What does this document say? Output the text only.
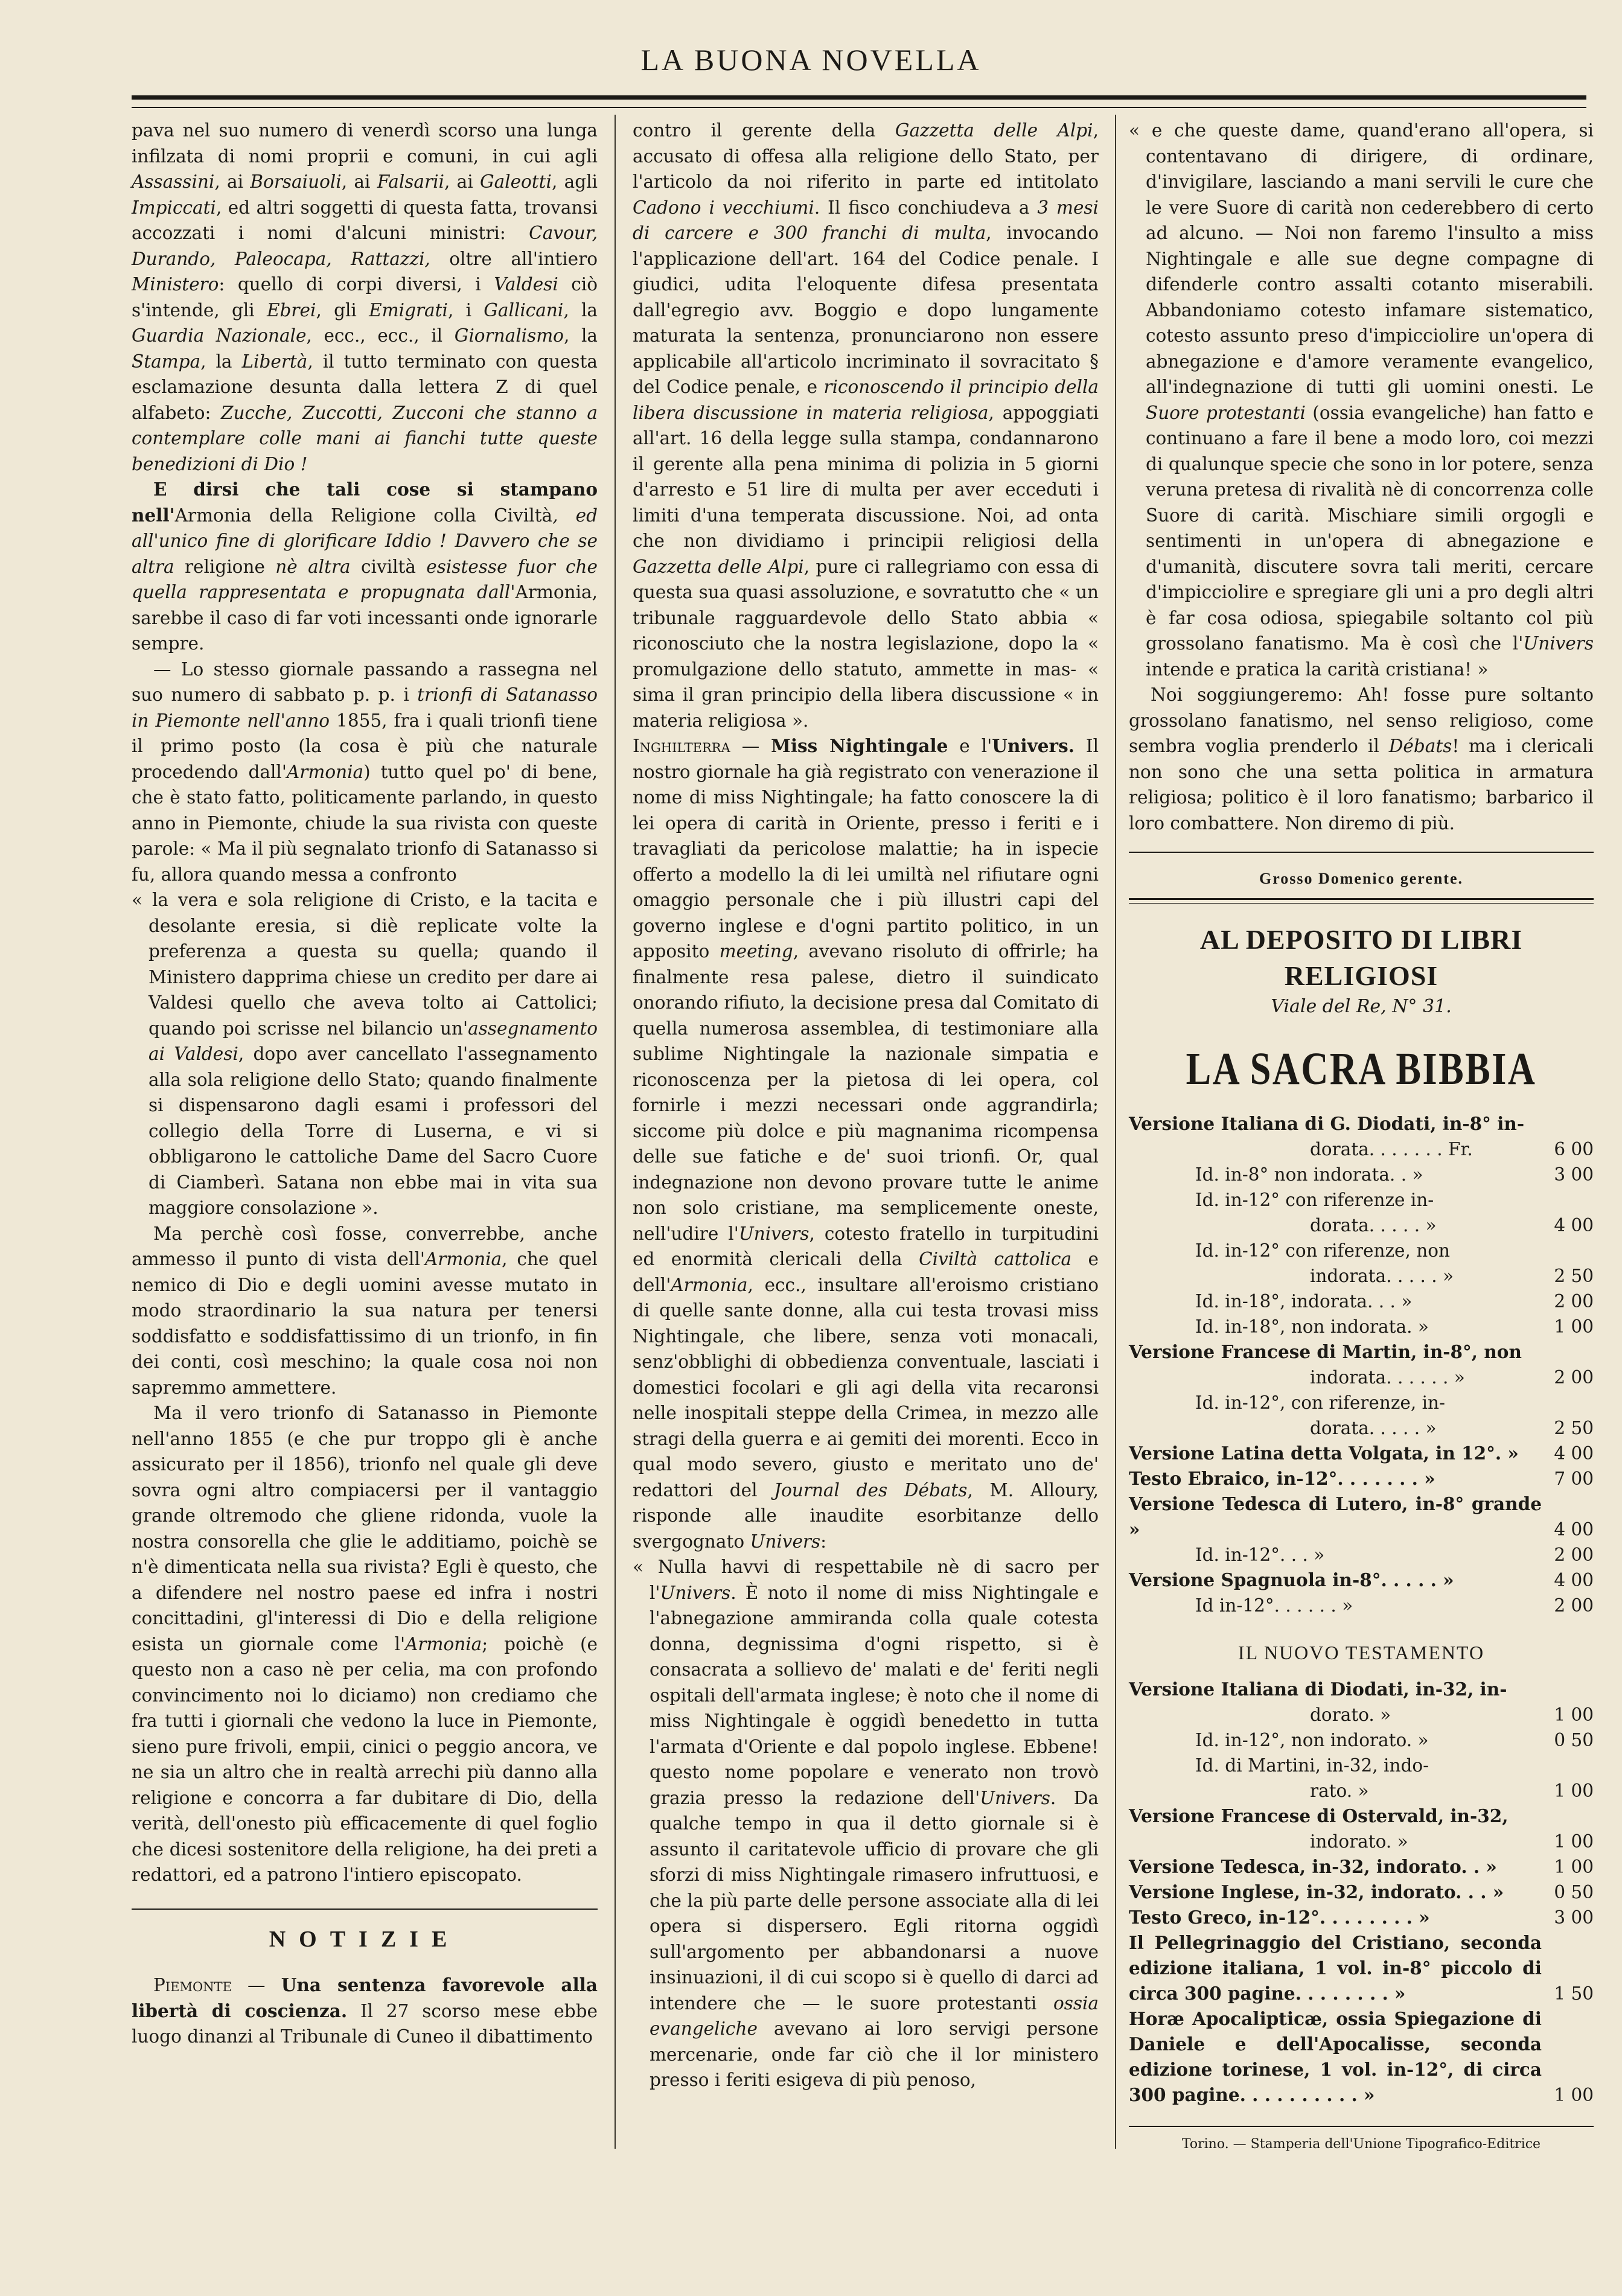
LA BUONA NOVELLA

pava nel suo numero di venerdì scorso una lunga infilzata di nomi proprii e comuni, in cui agli Assassini, ai Borsaiuoli, ai Falsarii, ai Galeotti, agli Impiccati, ed altri soggetti di questa fatta, trovansi accozzati i nomi d'alcuni ministri: Cavour, Durando, Paleocapa, Rattazzi, oltre all'intiero Ministero: quello di corpi diversi, i Valdesi ciò s'intende, gli Ebrei, gli Emigrati, i Gallicani, la Guardia Nazionale, ecc., ecc., il Giornalismo, la Stampa, la Libertà, il tutto terminato con questa esclamazione desunta dalla lettera Z di quel alfabeto: Zucche, Zuccotti, Zucconi che stanno a contemplare colle mani ai fianchi tutte queste benedizioni di Dio !

E dirsi che tali cose si stampano nell'Armonia della Religione colla Civiltà, ed all'unico fine di glorificare Iddio ! Davvero che se altra religione nè altra civiltà esistesse fuor che quella rappresentata e propugnata dall'Armonia, sarebbe il caso di far voti incessanti onde ignorarle sempre.

— Lo stesso giornale passando a rassegna nel suo numero di sabbato p. p. i trionfi di Satanasso in Piemonte nell'anno 1855, fra i quali trionfi tiene il primo posto (la cosa è più che naturale procedendo dall'Armonia) tutto quel po' di bene, che è stato fatto, politicamente parlando, in questo anno in Piemonte, chiude la sua rivista con queste parole: « Ma il più segnalato trionfo di Satanasso si fu, allora quando messa a confronto

« la vera e sola religione di Cristo, e la tacita e desolante eresia, si diè replicate volte la preferenza a questa su quella; quando il Ministero dapprima chiese un credito per dare ai Valdesi quello che aveva tolto ai Cattolici; quando poi scrisse nel bilancio un'assegnamento ai Valdesi, dopo aver cancellato l'assegnamento alla sola religione dello Stato; quando finalmente si dispensarono dagli esami i professori del collegio della Torre di Luserna, e vi si obbligarono le cattoliche Dame del Sacro Cuore di Ciamberì. Satana non ebbe mai in vita sua maggiore consolazione ».

Ma perchè così fosse, converrebbe, anche ammesso il punto di vista dell'Armonia, che quel nemico di Dio e degli uomini avesse mutato in modo straordinario la sua natura per tenersi soddisfatto e soddisfattissimo di un trionfo, in fin dei conti, così meschino; la quale cosa noi non sapremmo ammettere.

Ma il vero trionfo di Satanasso in Piemonte nell'anno 1855 (e che pur troppo gli è anche assicurato per il 1856), trionfo nel quale gli deve sovra ogni altro compiacersi per il vantaggio grande oltremodo che gliene ridonda, vuole la nostra consorella che glie le additiamo, poichè se n'è dimenticata nella sua rivista? Egli è questo, che a difendere nel nostro paese ed infra i nostri concittadini, gl'interessi di Dio e della religione esista un giornale come l'Armonia; poichè (e questo non a caso nè per celia, ma con profondo convincimento noi lo diciamo) non crediamo che fra tutti i giornali che vedono la luce in Piemonte, sieno pure frivoli, empii, cinici o peggio ancora, ve ne sia un altro che in realtà arrechi più danno alla religione e concorra a far dubitare di Dio, della verità, dell'onesto più efficacemente di quel foglio che dicesi sostenitore della religione, ha dei preti a redattori, ed a patrono l'intiero episcopato.

NOTIZIE

Piemonte — Una sentenza favorevole alla libertà di coscienza. Il 27 scorso mese ebbe luogo dinanzi al Tribunale di Cuneo il dibattimento

contro il gerente della Gazzetta delle Alpi, accusato di offesa alla religione dello Stato, per l'articolo da noi riferito in parte ed intitolato Cadono i vecchiumi. Il fisco conchiudeva a 3 mesi di carcere e 300 franchi di multa, invocando l'applicazione dell'art. 164 del Codice penale. I giudici, udita l'eloquente difesa presentata dall'egregio avv. Boggio e dopo lungamente maturata la sentenza, pronunciarono non essere applicabile all'articolo incriminato il sovracitato § del Codice penale, e riconoscendo il principio della libera discussione in materia religiosa, appoggiati all'art. 16 della legge sulla stampa, condannarono il gerente alla pena minima di polizia in 5 giorni d'arresto e 51 lire di multa per aver ecceduti i limiti d'una temperata discussione. Noi, ad onta che non dividiamo i principii religiosi della Gazzetta delle Alpi, pure ci rallegriamo con essa di questa sua quasi assoluzione, e sovratutto che « un tribunale ragguardevole dello Stato abbia « riconosciuto che la nostra legislazione, dopo la « promulgazione dello statuto, ammette in mas- « sima il gran principio della libera discussione « in materia religiosa ».

Inghilterra — Miss Nightingale e l'Univers. Il nostro giornale ha già registrato con venerazione il nome di miss Nightingale; ha fatto conoscere la di lei opera di carità in Oriente, presso i feriti e i travagliati da pericolose malattie; ha in ispecie offerto a modello la di lei umiltà nel rifiutare ogni omaggio personale che i più illustri capi del governo inglese e d'ogni partito politico, in un apposito meeting, avevano risoluto di offrirle; ha finalmente resa palese, dietro il suindicato onorando rifiuto, la decisione presa dal Comitato di quella numerosa assemblea, di testimoniare alla sublime Nightingale la nazionale simpatia e riconoscenza per la pietosa di lei opera, col fornirle i mezzi necessari onde aggrandirla; siccome più dolce e più magnanima ricompensa delle sue fatiche e de' suoi trionfi. Or, qual indegnazione non devono provare tutte le anime non solo cristiane, ma semplicemente oneste, nell'udire l'Univers, cotesto fratello in turpitudini ed enormità clericali della Civiltà cattolica e dell'Armonia, ecc., insultare all'eroismo cristiano di quelle sante donne, alla cui testa trovasi miss Nightingale, che libere, senza voti monacali, senz'obblighi di obbedienza conventuale, lasciati i domestici focolari e gli agi della vita recaronsi nelle inospitali steppe della Crimea, in mezzo alle stragi della guerra e ai gemiti dei morenti. Ecco in qual modo severo, giusto e meritato uno de' redattori del Journal des Débats, M. Alloury, risponde alle inaudite esorbitanze dello svergognato Univers:

« Nulla havvi di respettabile nè di sacro per l'Univers. È noto il nome di miss Nightingale e l'abnegazione ammiranda colla quale cotesta donna, degnissima d'ogni rispetto, si è consacrata a sollievo de' malati e de' feriti negli ospitali dell'armata inglese; è noto che il nome di miss Nightingale è oggidì benedetto in tutta l'armata d'Oriente e dal popolo inglese. Ebbene! questo nome popolare e venerato non trovò grazia presso la redazione dell'Univers. Da qualche tempo in qua il detto giornale si è assunto il caritatevole ufficio di provare che gli sforzi di miss Nightingale rimasero infruttuosi, e che la più parte delle persone associate alla di lei opera si dispersero. Egli ritorna oggidì sull'argomento per abbandonarsi a nuove insinuazioni, il di cui scopo si è quello di darci ad intendere che — le suore protestanti ossia evangeliche avevano ai loro servigi persone mercenarie, onde far ciò che il lor ministero presso i feriti esigeva di più penoso,

« e che queste dame, quand'erano all'opera, si contentavano di dirigere, di ordinare, d'invigilare, lasciando a mani servili le cure che le vere Suore di carità non cederebbero di certo ad alcuno. — Noi non faremo l'insulto a miss Nightingale e alle sue degne compagne di difenderle contro assalti cotanto miserabili. Abbandoniamo cotesto infamare sistematico, cotesto assunto preso d'impicciolire un'opera di abnegazione e d'amore veramente evangelico, all'indegnazione di tutti gli uomini onesti. Le Suore protestanti (ossia evangeliche) han fatto e continuano a fare il bene a modo loro, coi mezzi di qualunque specie che sono in lor potere, senza veruna pretesa di rivalità nè di concorrenza colle Suore di carità. Mischiare simili orgogli e sentimenti in un'opera di abnegazione e d'umanità, discutere sovra tali meriti, cercare d'impicciolire e spregiare gli uni a pro degli altri è far cosa odiosa, spiegabile soltanto col più grossolano fanatismo. Ma è così che l'Univers intende e pratica la carità cristiana! »

Noi soggiungeremo: Ah! fosse pure soltanto grossolano fanatismo, nel senso religioso, come sembra voglia prenderlo il Débats! ma i clericali non sono che una setta politica in armatura religiosa; politico è il loro fanatismo; barbarico il loro combattere. Non diremo di più.

Grosso Domenico gerente.
AL DEPOSITO DI LIBRI RELIGIOSI
Viale del Re, N° 31.
LA SACRA BIBBIA
Versione Italiana di G. Diodati, in-8° in-
dorata. . . . . . . Fr.	6 00
Id. in-8° non indorata. . »	3 00
Id. in-12° con riferenze in-
dorata. . . . . »	4 00
Id. in-12° con riferenze, non
indorata. . . . . »	2 50
Id. in-18°, indorata. . . »	2 00
Id. in-18°, non indorata. »	1 00
Versione Francese di Martin, in-8°, non
indorata. . . . . . »	2 00
Id. in-12°, con riferenze, in-
dorata. . . . . »	2 50
Versione Latina detta Volgata, in 12°. »	4 00
Testo Ebraico, in-12°. . . . . . . »	7 00
Versione Tedesca di Lutero, in-8° grande »	4 00
Id. in-12°. . . »	2 00
Versione Spagnuola in-8°. . . . . »	4 00
Id in-12°. . . . . . »	2 00
IL NUOVO TESTAMENTO
Versione Italiana di Diodati, in-32, in-
dorato. »	1 00
Id. in-12°, non indorato. »	0 50
Id. di Martini, in-32, indo-
rato. »	1 00
Versione Francese di Ostervald, in-32,
indorato. »	1 00
Versione Tedesca, in-32, indorato. . »	1 00
Versione Inglese, in-32, indorato. . . »	0 50
Testo Greco, in-12°. . . . . . . . »	3 00
Il Pellegrinaggio del Cristiano, seconda edizione italiana, 1 vol. in-8° piccolo di circa 300 pagine. . . . . . . . »	1 50
Horæ Apocalipticæ, ossia Spiegazione di Daniele e dell'Apocalisse, seconda edizione torinese, 1 vol. in-12°, di circa 300 pagine. . . . . . . . . . »	1 00
Torino. — Stamperia dell'Unione Tipografico-Editrice
